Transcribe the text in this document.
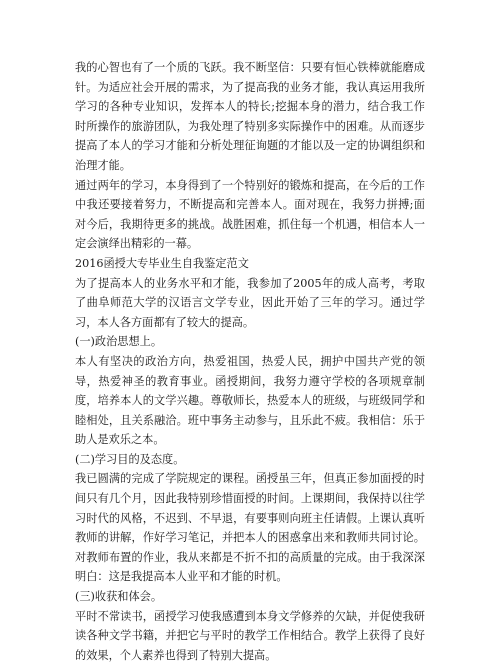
我的心智也有了一个质的飞跃。我不断坚信：只要有恒心铁棒就能磨成针。为适应社会开展的需求，为了提高我的业务才能，我认真运用我所学习的各种专业知识，发挥本人的特长;挖掘本身的潜力，结合我工作时所操作的旅游团队，为我处理了特别多实际操作中的困难。从而逐步提高了本人的学习才能和分析处理征询题的才能以及一定的协调组织和治理才能。

通过两年的学习，本身得到了一个特别好的锻炼和提高，在今后的工作中我还要接着努力，不断提高和完善本人。面对现在，我努力拼搏;面对今后，我期待更多的挑战。战胜困难，抓住每一个机遇，相信本人一定会演绎出精彩的一幕。

2016函授大专毕业生自我鉴定范文

为了提高本人的业务水平和才能，我参加了2005年的成人高考，考取了曲阜师范大学的汉语言文学专业，因此开始了三年的学习。通过学习，本人各方面都有了较大的提高。

(一)政治思想上。

本人有坚决的政治方向，热爱祖国，热爱人民，拥护中国共产党的领导，热爱神圣的教育事业。函授期间，我努力遵守学校的各项规章制度，培养本人的文学兴趣。尊敬师长，热爱本人的班级，与班级同学和睦相处，且关系融洽。班中事务主动参与，且乐此不疲。我相信：乐于助人是欢乐之本。

(二)学习目的及态度。

我已圆满的完成了学院规定的课程。函授虽三年，但真正参加面授的时间只有几个月，因此我特别珍惜面授的时间。上课期间，我保持以往学习时代的风格，不迟到、不早退，有要事则向班主任请假。上课认真听教师的讲解，作好学习笔记，并把本人的困惑拿出来和教师共同讨论。对教师布置的作业，我从来都是不折不扣的高质量的完成。由于我深深明白：这是我提高本人业平和才能的时机。

(三)收获和体会。

平时不常读书，函授学习使我感遭到本身文学修养的欠缺，并促使我研读各种文学书籍，并把它与平时的教学工作相结合。教学上获得了良好的效果，个人素养也得到了特别大提高。
